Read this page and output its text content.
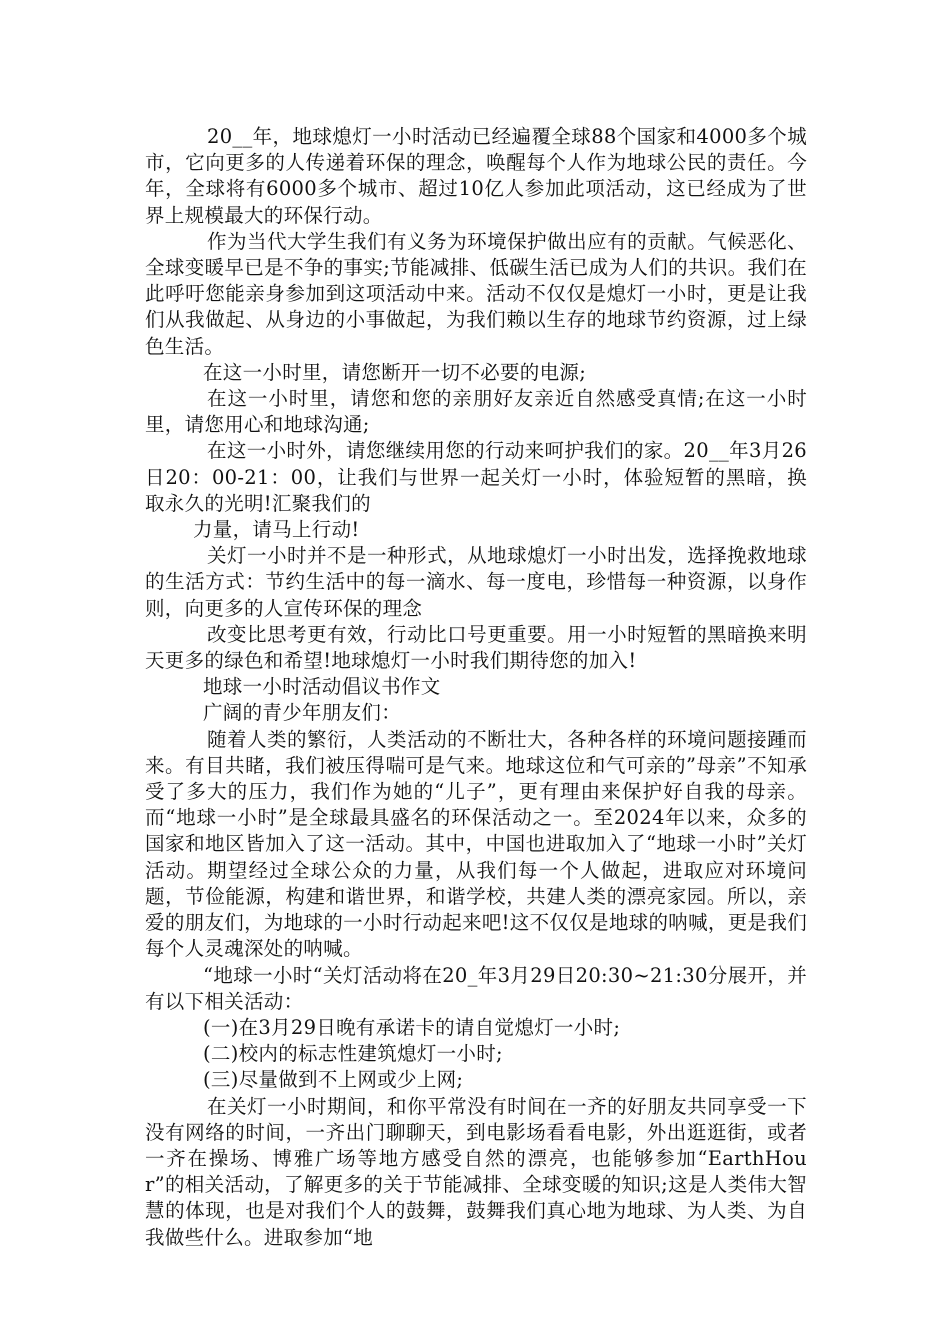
20__年，地球熄灯一小时活动已经遍覆全球88个国家和4000多个城市，它向更多的人传递着环保的理念，唤醒每个人作为地球公民的责任。今年，全球将有6000多个城市、超过10亿人参加此项活动，这已经成为了世界上规模最大的环保行动。

作为当代大学生我们有义务为环境保护做出应有的贡献。气候恶化、全球变暖早已是不争的事实;节能减排、低碳生活已成为人们的共识。我们在此呼吁您能亲身参加到这项活动中来。活动不仅仅是熄灯一小时，更是让我们从我做起、从身边的小事做起，为我们赖以生存的地球节约资源，过上绿色生活。

在这一小时里，请您断开一切不必要的电源;

在这一小时里，请您和您的亲朋好友亲近自然感受真情;在这一小时里，请您用心和地球沟通;

在这一小时外，请您继续用您的行动来呵护我们的家。20__年3月26日20：00-21：00，让我们与世界一起关灯一小时，体验短暂的黑暗，换取永久的光明!汇聚我们的

力量，请马上行动!

关灯一小时并不是一种形式，从地球熄灯一小时出发，选择挽救地球的生活方式：节约生活中的每一滴水、每一度电，珍惜每一种资源，以身作则，向更多的人宣传环保的理念

改变比思考更有效，行动比口号更重要。用一小时短暂的黑暗换来明天更多的绿色和希望!地球熄灯一小时我们期待您的加入!

地球一小时活动倡议书作文

广阔的青少年朋友们：

随着人类的繁衍，人类活动的不断壮大，各种各样的环境问题接踵而来。有目共睹，我们被压得喘可是气来。地球这位和气可亲的”母亲”不知承受了多大的压力，我们作为她的“儿子”，更有理由来保护好自我的母亲。而“地球一小时”是全球最具盛名的环保活动之一。至2024年以来，众多的国家和地区皆加入了这一活动。其中，中国也进取加入了“地球一小时”关灯活动。期望经过全球公众的力量，从我们每一个人做起，进取应对环境问题，节俭能源，构建和谐世界，和谐学校，共建人类的漂亮家园。所以，亲爱的朋友们，为地球的一小时行动起来吧!这不仅仅是地球的呐喊，更是我们每个人灵魂深处的呐喊。

“地球一小时“关灯活动将在20_年3月29日20:30~21:30分展开，并有以下相关活动：

(一)在3月29日晚有承诺卡的请自觉熄灯一小时;

(二)校内的标志性建筑熄灯一小时;

(三)尽量做到不上网或少上网;

在关灯一小时期间，和你平常没有时间在一齐的好朋友共同享受一下没有网络的时间，一齐出门聊聊天，到电影场看看电影，外出逛逛街，或者一齐在操场、博雅广场等地方感受自然的漂亮，也能够参加“EarthHour”的相关活动，了解更多的关于节能减排、全球变暖的知识;这是人类伟大智慧的体现，也是对我们个人的鼓舞，鼓舞我们真心地为地球、为人类、为自我做些什么。进取参加“地
